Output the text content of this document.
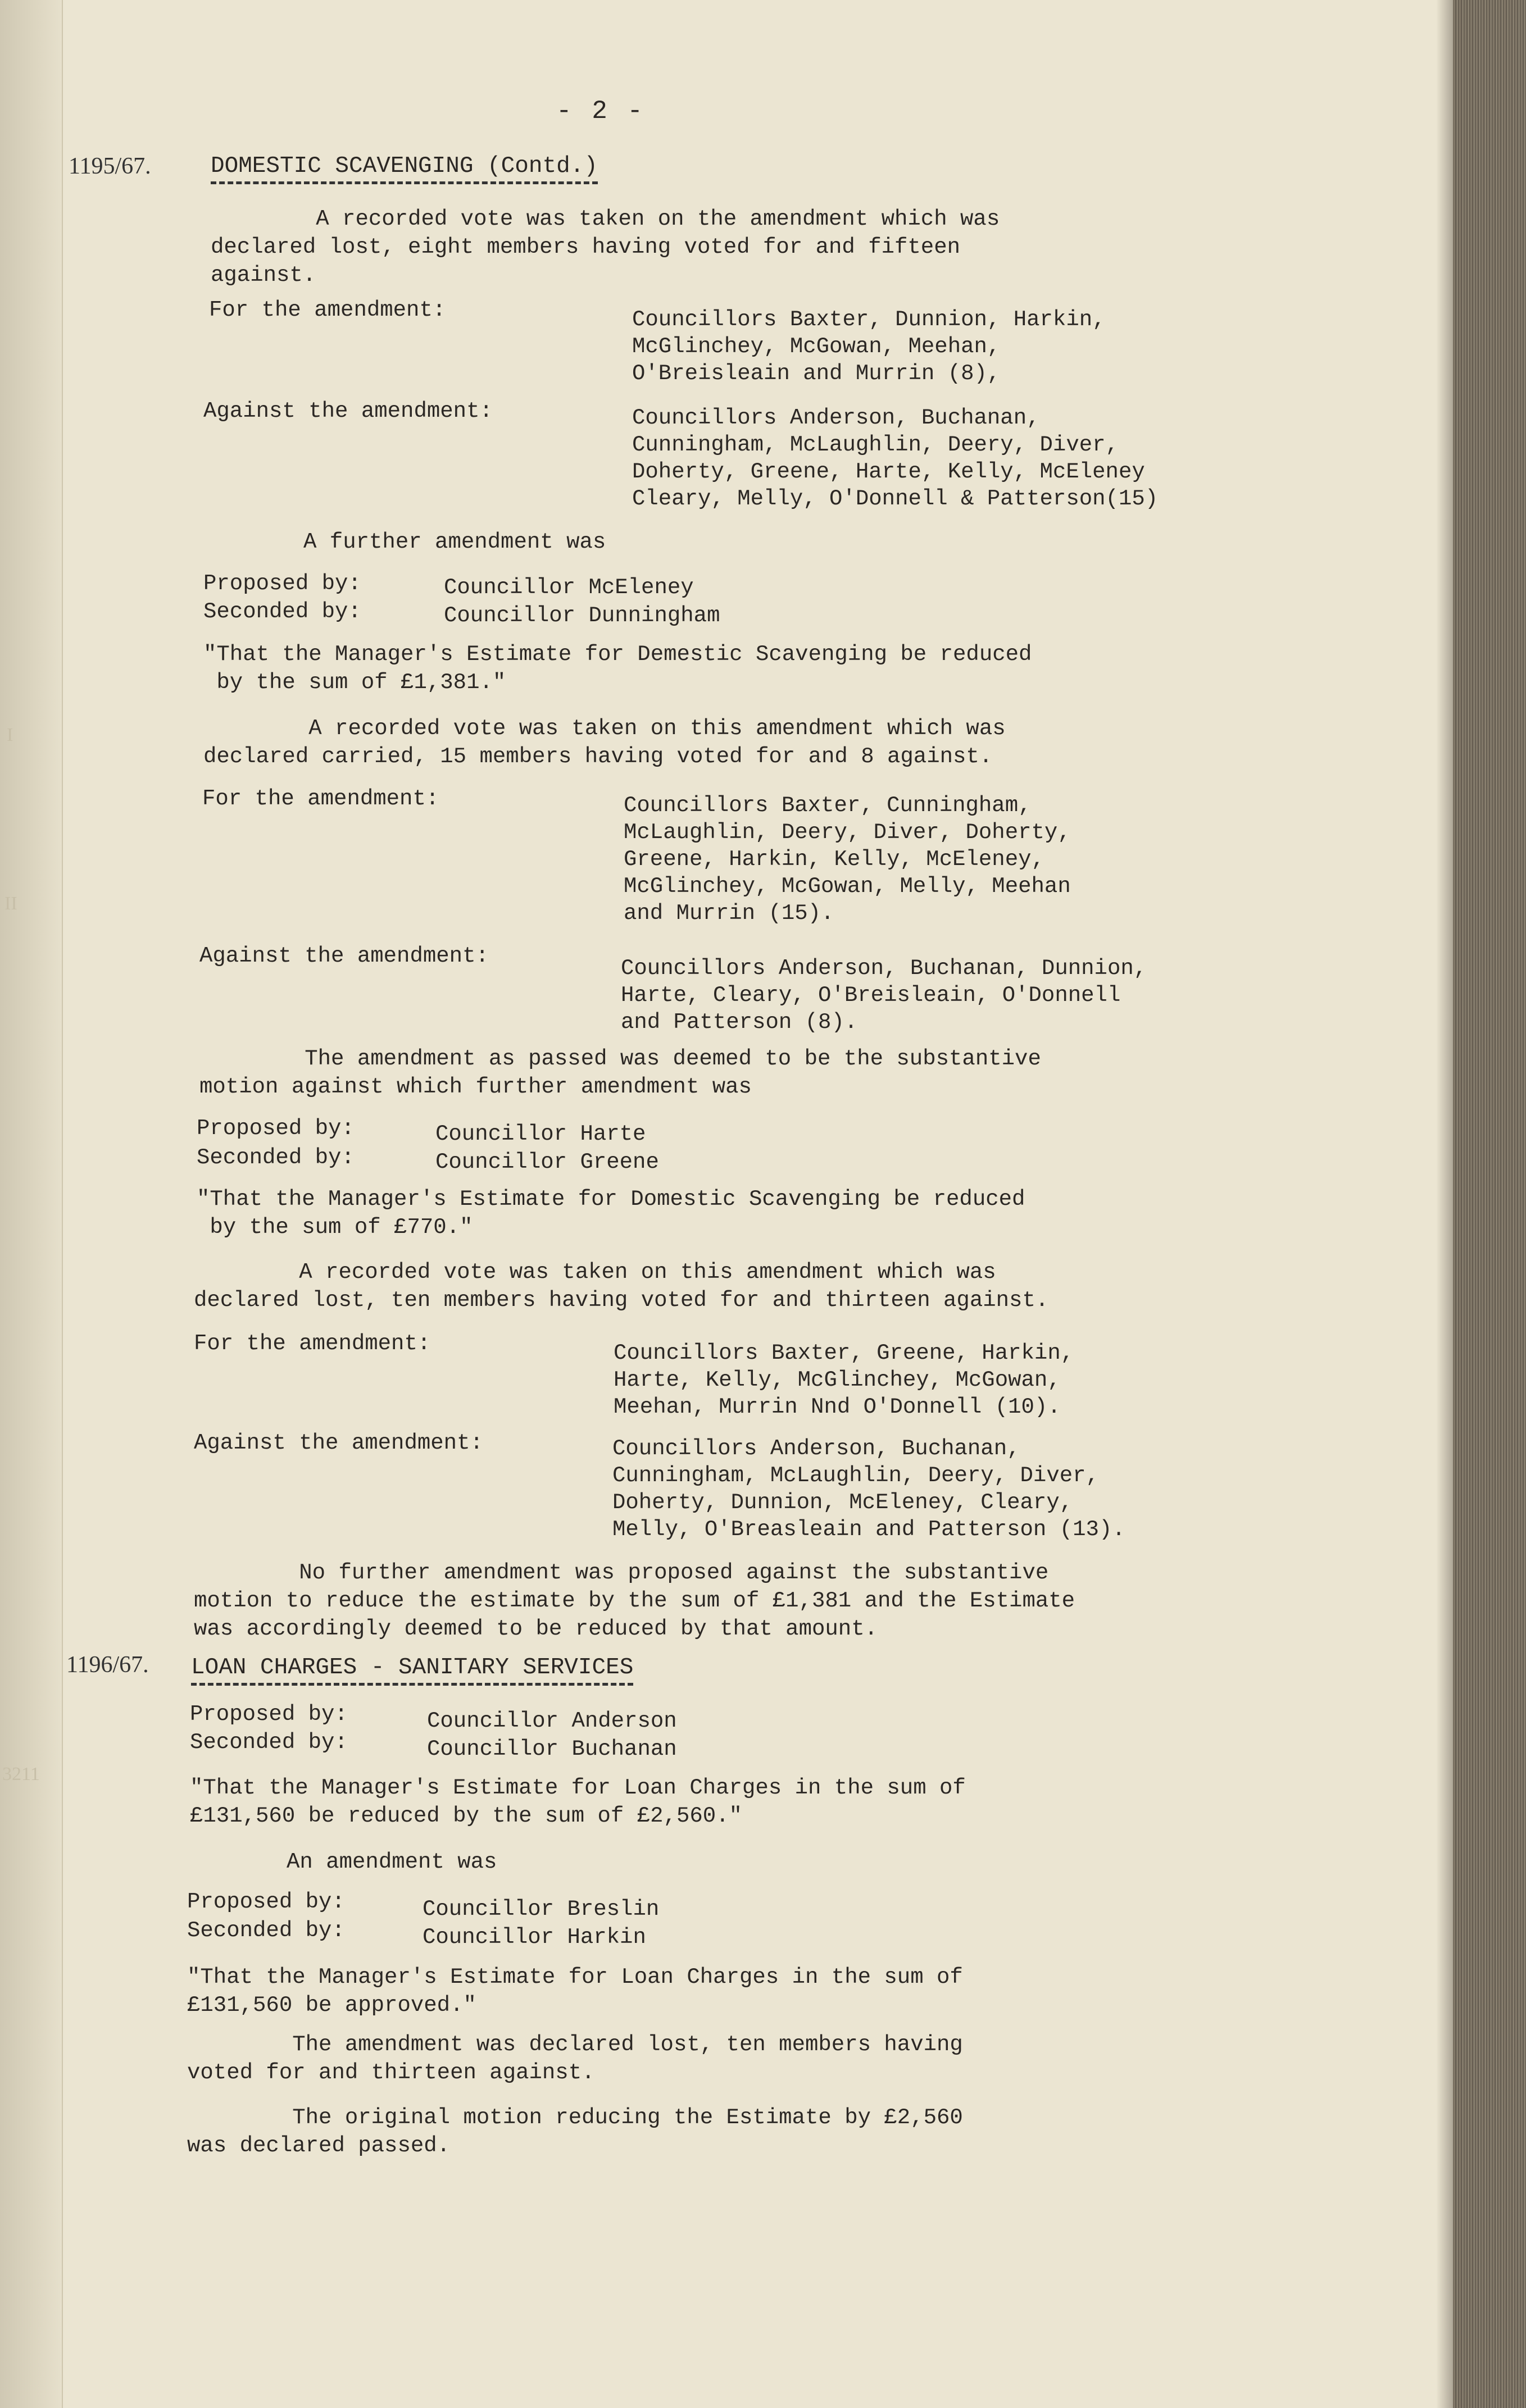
I
II
3211
- 2 -
1195/67.	DOMESTIC SCAVENGING (Contd.)
A recorded vote was taken on the amendment which was
declared lost, eight members having voted for and fifteen
against.
For the amendment:	Councillors Baxter, Dunnion, Harkin,
McGlinchey, McGowan, Meehan,
O'Breisleain and Murrin (8),
Against the amendment:	Councillors Anderson, Buchanan,
Cunningham, McLaughlin, Deery, Diver,
Doherty, Greene, Harte, Kelly, McEleney
Cleary, Melly, O'Donnell & Patterson(15)
A further amendment was
Proposed by:	Councillor McEleney
Seconded by:	Councillor Dunningham
"That the Manager's Estimate for Demestic Scavenging be reduced
by the sum of £1,381."
A recorded vote was taken on this amendment which was
declared carried, 15 members having voted for and 8 against.
For the amendment:	Councillors Baxter, Cunningham,
McLaughlin, Deery, Diver, Doherty,
Greene, Harkin, Kelly, McEleney,
McGlinchey, McGowan, Melly, Meehan
and Murrin (15).
Against the amendment:	Councillors Anderson, Buchanan, Dunnion,
Harte, Cleary, O'Breisleain, O'Donnell
and Patterson (8).
The amendment as passed was deemed to be the substantive
motion against which further amendment was
Proposed by:	Councillor Harte
Seconded by:	Councillor Greene
"That the Manager's Estimate for Domestic Scavenging be reduced
by the sum of £770."
A recorded vote was taken on this amendment which was
declared lost, ten members having voted for and thirteen against.
For the amendment:	Councillors Baxter, Greene, Harkin,
Harte, Kelly, McGlinchey, McGowan,
Meehan, Murrin Nnd O'Donnell (10).
Against the amendment:	Councillors Anderson, Buchanan,
Cunningham, McLaughlin, Deery, Diver,
Doherty, Dunnion, McEleney, Cleary,
Melly, O'Breasleain and Patterson (13).
No further amendment was proposed against the substantive
motion to reduce the estimate by the sum of £1,381 and the Estimate
was accordingly deemed to be reduced by that amount.
1196/67. LOAN CHARGES - SANITARY SERVICES
Proposed by:	Councillor Anderson
Seconded by:	Councillor Buchanan
"That the Manager's Estimate for Loan Charges in the sum of
£131,560 be reduced by the sum of £2,560."
An amendment was
Proposed by:	Councillor Breslin
Seconded by:	Councillor Harkin
"That the Manager's Estimate for Loan Charges in the sum of
£131,560 be approved."
The amendment was declared lost, ten members having
voted for and thirteen against.
The original motion reducing the Estimate by £2,560
was declared passed.
